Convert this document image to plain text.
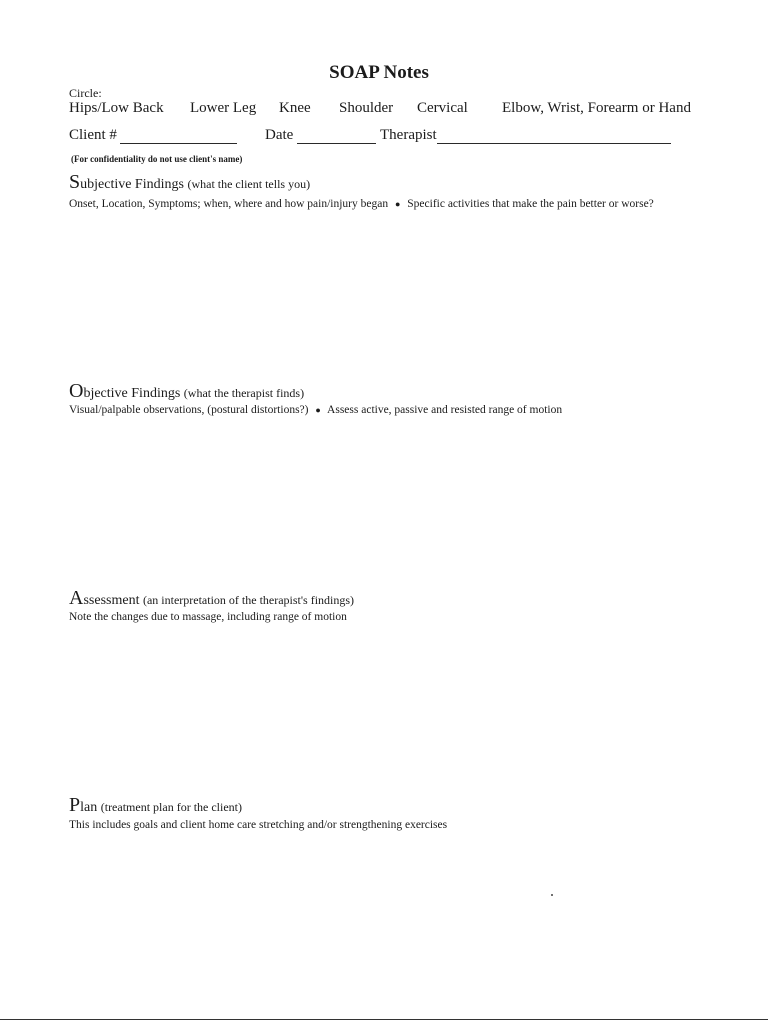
SOAP Notes
Circle:
Hips/Low Back Lower Leg Knee Shoulder Cervical Elbow, Wrist, Forearm or Hand
Client #	Date	Therapist
(For confidentiality do not use client's name)
Subjective Findings (what the client tells you)
Onset, Location, Symptoms; when, where and how pain/injury began ● Specific activities that make the pain better or worse?
Objective Findings (what the therapist finds)
Visual/palpable observations, (postural distortions?) ● Assess active, passive and resisted range of motion
Assessment (an interpretation of the therapist's findings)
Note the changes due to massage, including range of motion
Plan (treatment plan for the client)
This includes goals and client home care stretching and/or strengthening exercises
